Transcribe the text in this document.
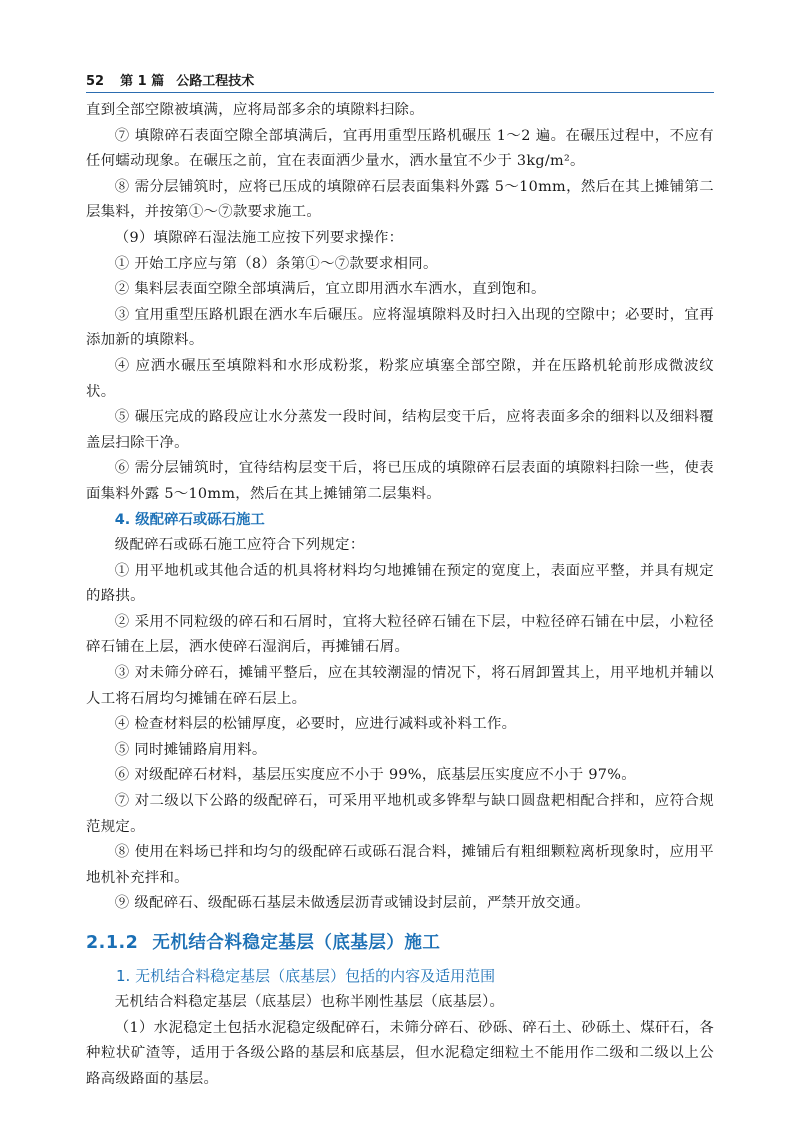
52 第 1 篇 公路工程技术

直到全部空隙被填满，应将局部多余的填隙料扫除。

⑦ 填隙碎石表面空隙全部填满后，宜再用重型压路机碾压 1～2 遍。在碾压过程中，不应有任何蠕动现象。在碾压之前，宜在表面洒少量水，洒水量宜不少于 3kg/m²。

⑧ 需分层铺筑时，应将已压成的填隙碎石层表面集料外露 5～10mm，然后在其上摊铺第二层集料，并按第①～⑦款要求施工。

（9）填隙碎石湿法施工应按下列要求操作：

① 开始工序应与第（8）条第①～⑦款要求相同。

② 集料层表面空隙全部填满后，宜立即用洒水车洒水，直到饱和。

③ 宜用重型压路机跟在洒水车后碾压。应将湿填隙料及时扫入出现的空隙中；必要时，宜再添加新的填隙料。

④ 应洒水碾压至填隙料和水形成粉浆，粉浆应填塞全部空隙，并在压路机轮前形成微波纹状。

⑤ 碾压完成的路段应让水分蒸发一段时间，结构层变干后，应将表面多余的细料以及细料覆盖层扫除干净。

⑥ 需分层铺筑时，宜待结构层变干后，将已压成的填隙碎石层表面的填隙料扫除一些，使表面集料外露 5～10mm，然后在其上摊铺第二层集料。

4. 级配碎石或砾石施工

级配碎石或砾石施工应符合下列规定：

① 用平地机或其他合适的机具将材料均匀地摊铺在预定的宽度上，表面应平整，并具有规定的路拱。

② 采用不同粒级的碎石和石屑时，宜将大粒径碎石铺在下层，中粒径碎石铺在中层，小粒径碎石铺在上层，洒水使碎石湿润后，再摊铺石屑。

③ 对未筛分碎石，摊铺平整后，应在其较潮湿的情况下，将石屑卸置其上，用平地机并辅以人工将石屑均匀摊铺在碎石层上。

④ 检查材料层的松铺厚度，必要时，应进行减料或补料工作。

⑤ 同时摊铺路肩用料。

⑥ 对级配碎石材料，基层压实度应不小于 99%，底基层压实度应不小于 97%。

⑦ 对二级以下公路的级配碎石，可采用平地机或多铧犁与缺口圆盘耙相配合拌和，应符合规范规定。

⑧ 使用在料场已拌和均匀的级配碎石或砾石混合料，摊铺后有粗细颗粒离析现象时，应用平地机补充拌和。

⑨ 级配碎石、级配砾石基层未做透层沥青或铺设封层前，严禁开放交通。

2.1.2 无机结合料稳定基层（底基层）施工
1. 无机结合料稳定基层（底基层）包括的内容及适用范围

无机结合料稳定基层（底基层）也称半刚性基层（底基层）。

（1）水泥稳定土包括水泥稳定级配碎石，未筛分碎石、砂砾、碎石土、砂砾土、煤矸石，各种粒状矿渣等，适用于各级公路的基层和底基层，但水泥稳定细粒土不能用作二级和二级以上公路高级路面的基层。
